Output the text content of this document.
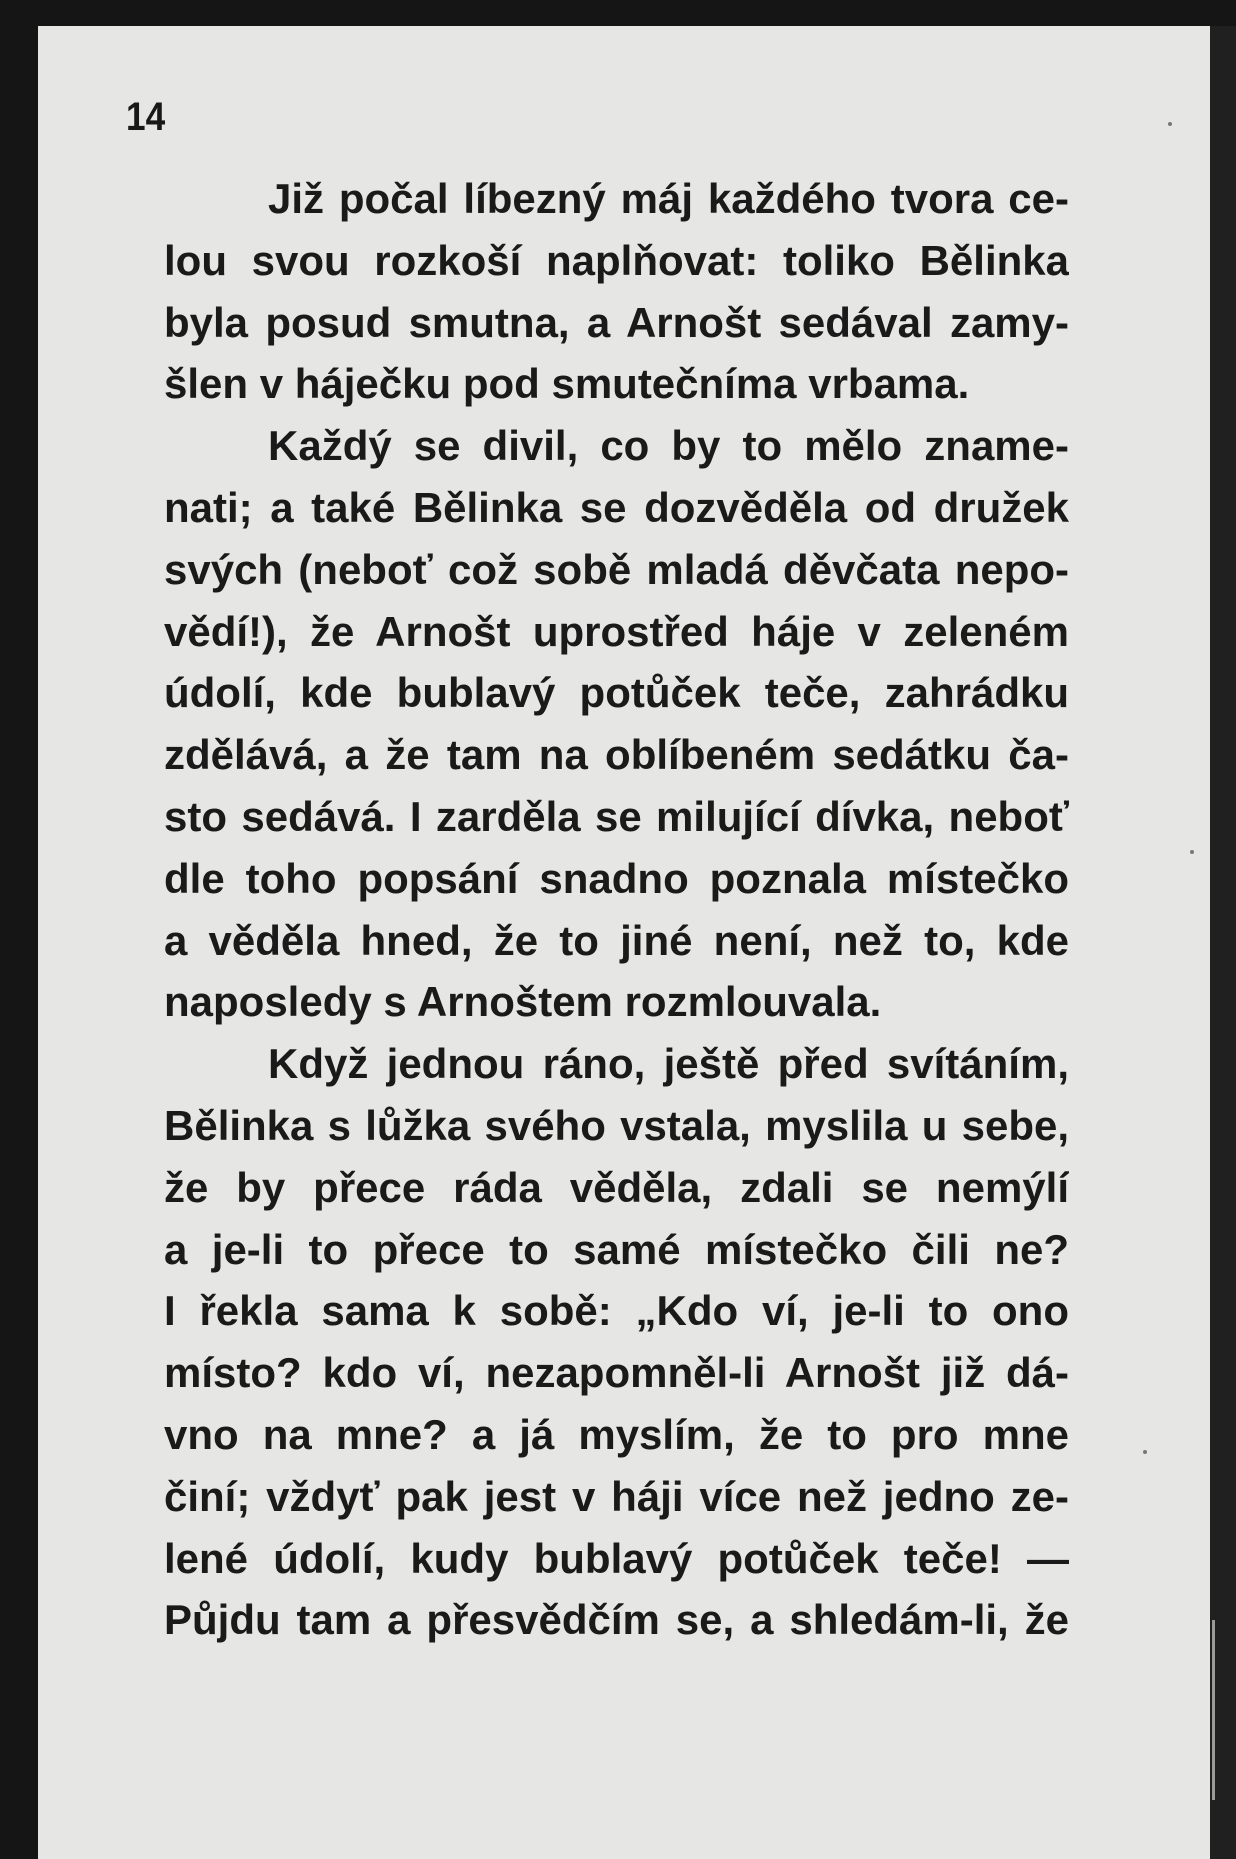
14
Již počal líbezný máj každého tvora ce-
lou svou rozkoší naplňovat: toliko Bělinka
byla posud smutna, a Arnošt sedával zamy-
šlen v háječku pod smutečníma vrbama.
Každý se divil, co by to mělo zname-
nati; a také Bělinka se dozvěděla od družek
svých (neboť což sobě mladá děvčata nepo-
vědí!), že Arnošt uprostřed háje v zeleném
údolí, kde bublavý potůček teče, zahrádku
zdělává, a že tam na oblíbeném sedátku ča-
sto sedává. I zarděla se milující dívka, neboť
dle toho popsání snadno poznala místečko
a věděla hned, že to jiné není, než to, kde
naposledy s Arnoštem rozmlouvala.
Když jednou ráno, ještě před svítáním,
Bělinka s lůžka svého vstala, myslila u sebe,
že by přece ráda věděla, zdali se nemýlí
a je-li to přece to samé místečko čili ne?
I řekla sama k sobě: „Kdo ví, je-li to ono
místo? kdo ví, nezapomněl-li Arnošt již dá-
vno na mne? a já myslím, že to pro mne
činí; vždyť pak jest v háji více než jedno ze-
lené údolí, kudy bublavý potůček teče! —
Půjdu tam a přesvědčím se, a shledám-li, že
